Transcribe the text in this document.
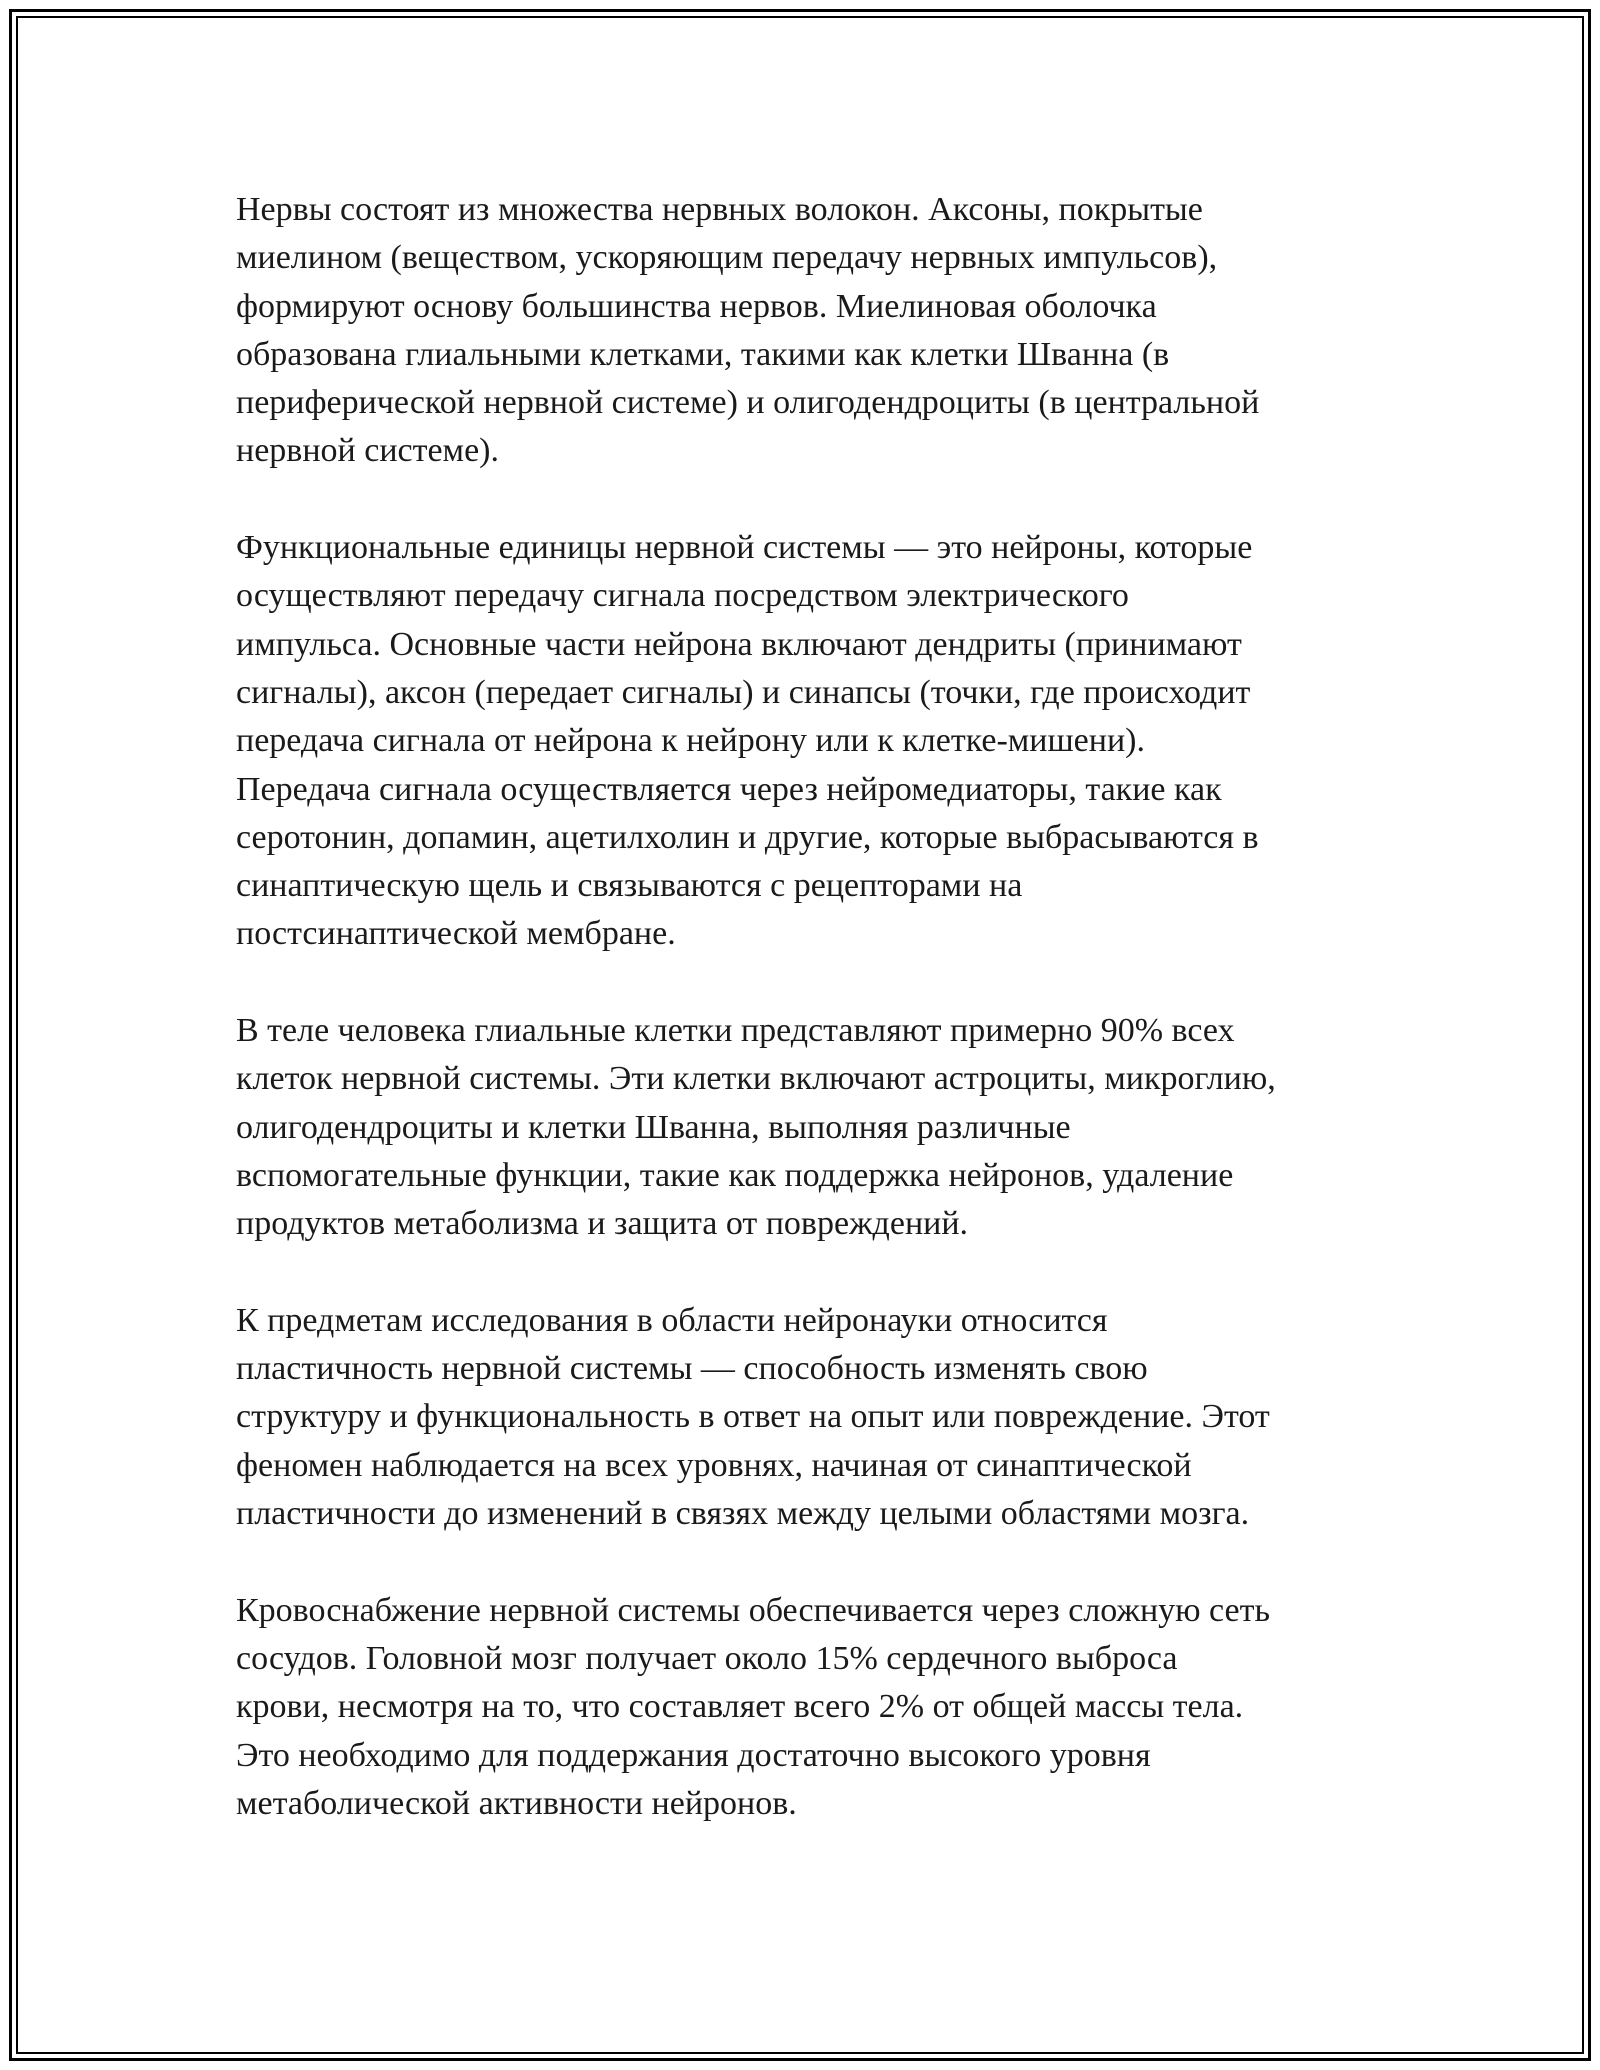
Нервы состоят из множества нервных волокон. Аксоны, покрытые
миелином (веществом, ускоряющим передачу нервных импульсов),
формируют основу большинства нервов. Миелиновая оболочка
образована глиальными клетками, такими как клетки Шванна (в
периферической нервной системе) и олигодендроциты (в центральной
нервной системе).

Функциональные единицы нервной системы — это нейроны, которые
осуществляют передачу сигнала посредством электрического
импульса. Основные части нейрона включают дендриты (принимают
сигналы), аксон (передает сигналы) и синапсы (точки, где происходит
передача сигнала от нейрона к нейрону или к клетке-мишени).
Передача сигнала осуществляется через нейромедиаторы, такие как
серотонин, допамин, ацетилхолин и другие, которые выбрасываются в
синаптическую щель и связываются с рецепторами на
постсинаптической мембране.

В теле человека глиальные клетки представляют примерно 90% всех
клеток нервной системы. Эти клетки включают астроциты, микроглию,
олигодендроциты и клетки Шванна, выполняя различные
вспомогательные функции, такие как поддержка нейронов, удаление
продуктов метаболизма и защита от повреждений.

К предметам исследования в области нейронауки относится
пластичность нервной системы — способность изменять свою
структуру и функциональность в ответ на опыт или повреждение. Этот
феномен наблюдается на всех уровнях, начиная от синаптической
пластичности до изменений в связях между целыми областями мозга.

Кровоснабжение нервной системы обеспечивается через сложную сеть
сосудов. Головной мозг получает около 15% сердечного выброса
крови, несмотря на то, что составляет всего 2% от общей массы тела.
Это необходимо для поддержания достаточно высокого уровня
метаболической активности нейронов.
